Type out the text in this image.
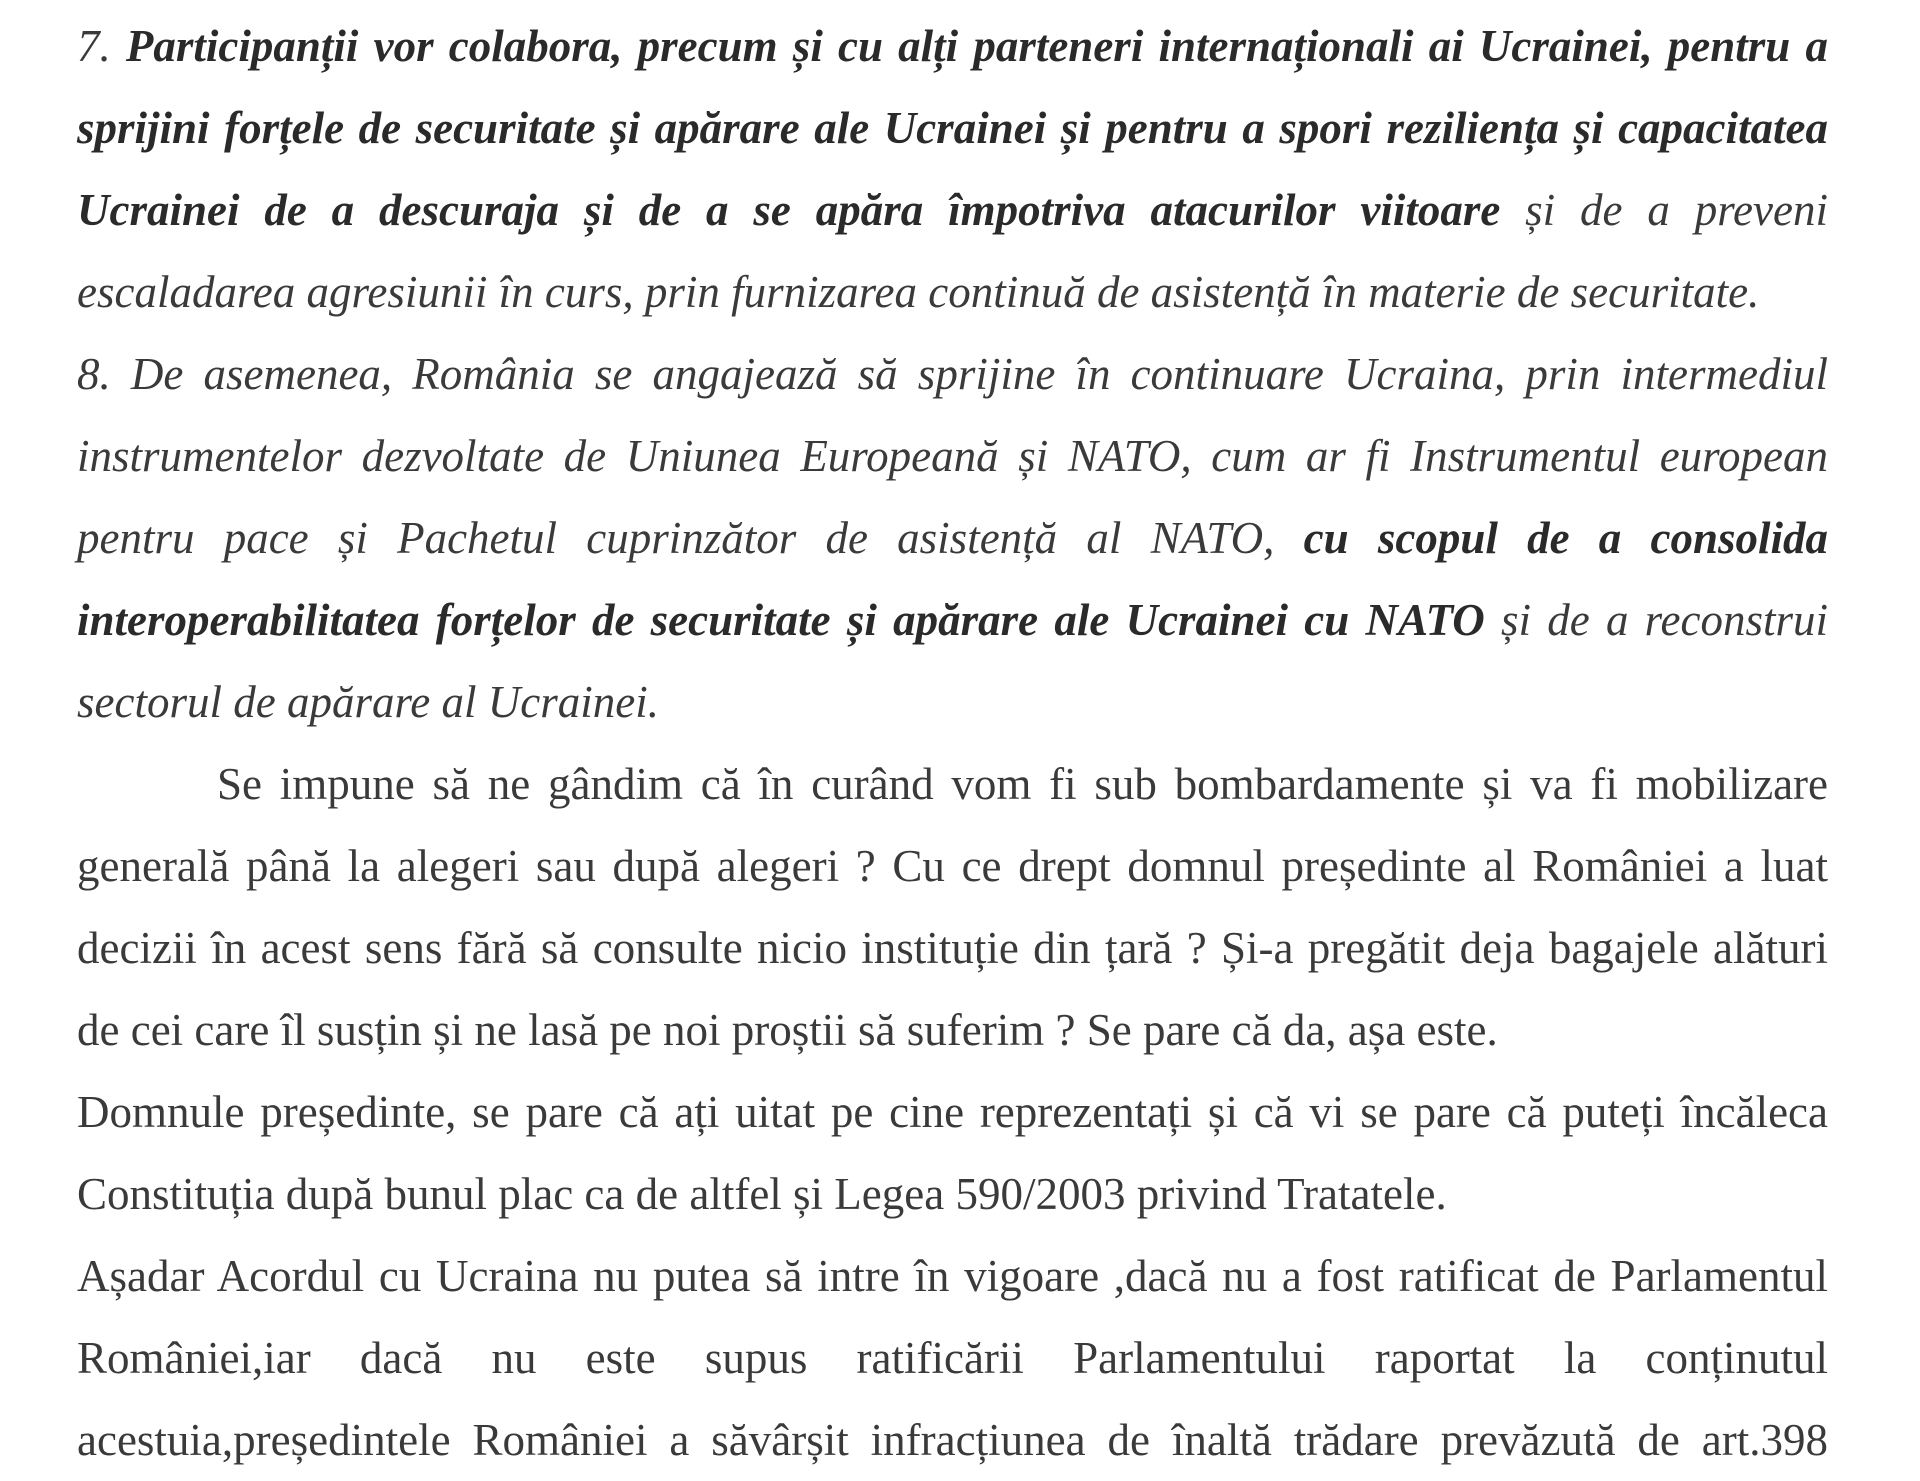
7. Participanții vor colabora, precum și cu alți parteneri internaționali ai Ucrainei, pentru a sprijini forțele de securitate și apărare ale Ucrainei și pentru a spori reziliența și capacitatea Ucrainei de a descuraja și de a se apăra împotriva atacurilor viitoare și de a preveni escaladarea agresiunii în curs, prin furnizarea continuă de asistență în materie de securitate.

8. De asemenea, România se angajează să sprijine în continuare Ucraina, prin intermediul instrumentelor dezvoltate de Uniunea Europeană și NATO, cum ar fi Instrumentul european pentru pace și Pachetul cuprinzător de asistență al NATO, cu scopul de a consolida interoperabilitatea forțelor de securitate și apărare ale Ucrainei cu NATO și de a reconstrui sectorul de apărare al Ucrainei.

Se impune să ne gândim că în curând vom fi sub bombardamente și va fi mobilizare generală până la alegeri sau după alegeri ? Cu ce drept domnul președinte al României a luat decizii în acest sens fără să consulte nicio instituție din țară ? Și-a pregătit deja bagajele alături de cei care îl susțin și ne lasă pe noi proștii să suferim ? Se pare că da, așa este.

Domnule președinte, se pare că ați uitat pe cine reprezentați și că vi se pare că puteți încăleca Constituția după bunul plac ca de altfel și Legea 590/2003 privind Tratatele.

Așadar Acordul cu Ucraina nu putea să intre în vigoare ,dacă nu a fost ratificat de Parlamentul României,iar dacă nu este supus ratificării Parlamentului raportat la conținutul acestuia,președintele României a săvârșit infracțiunea de înaltă trădare prevăzută de art.398
